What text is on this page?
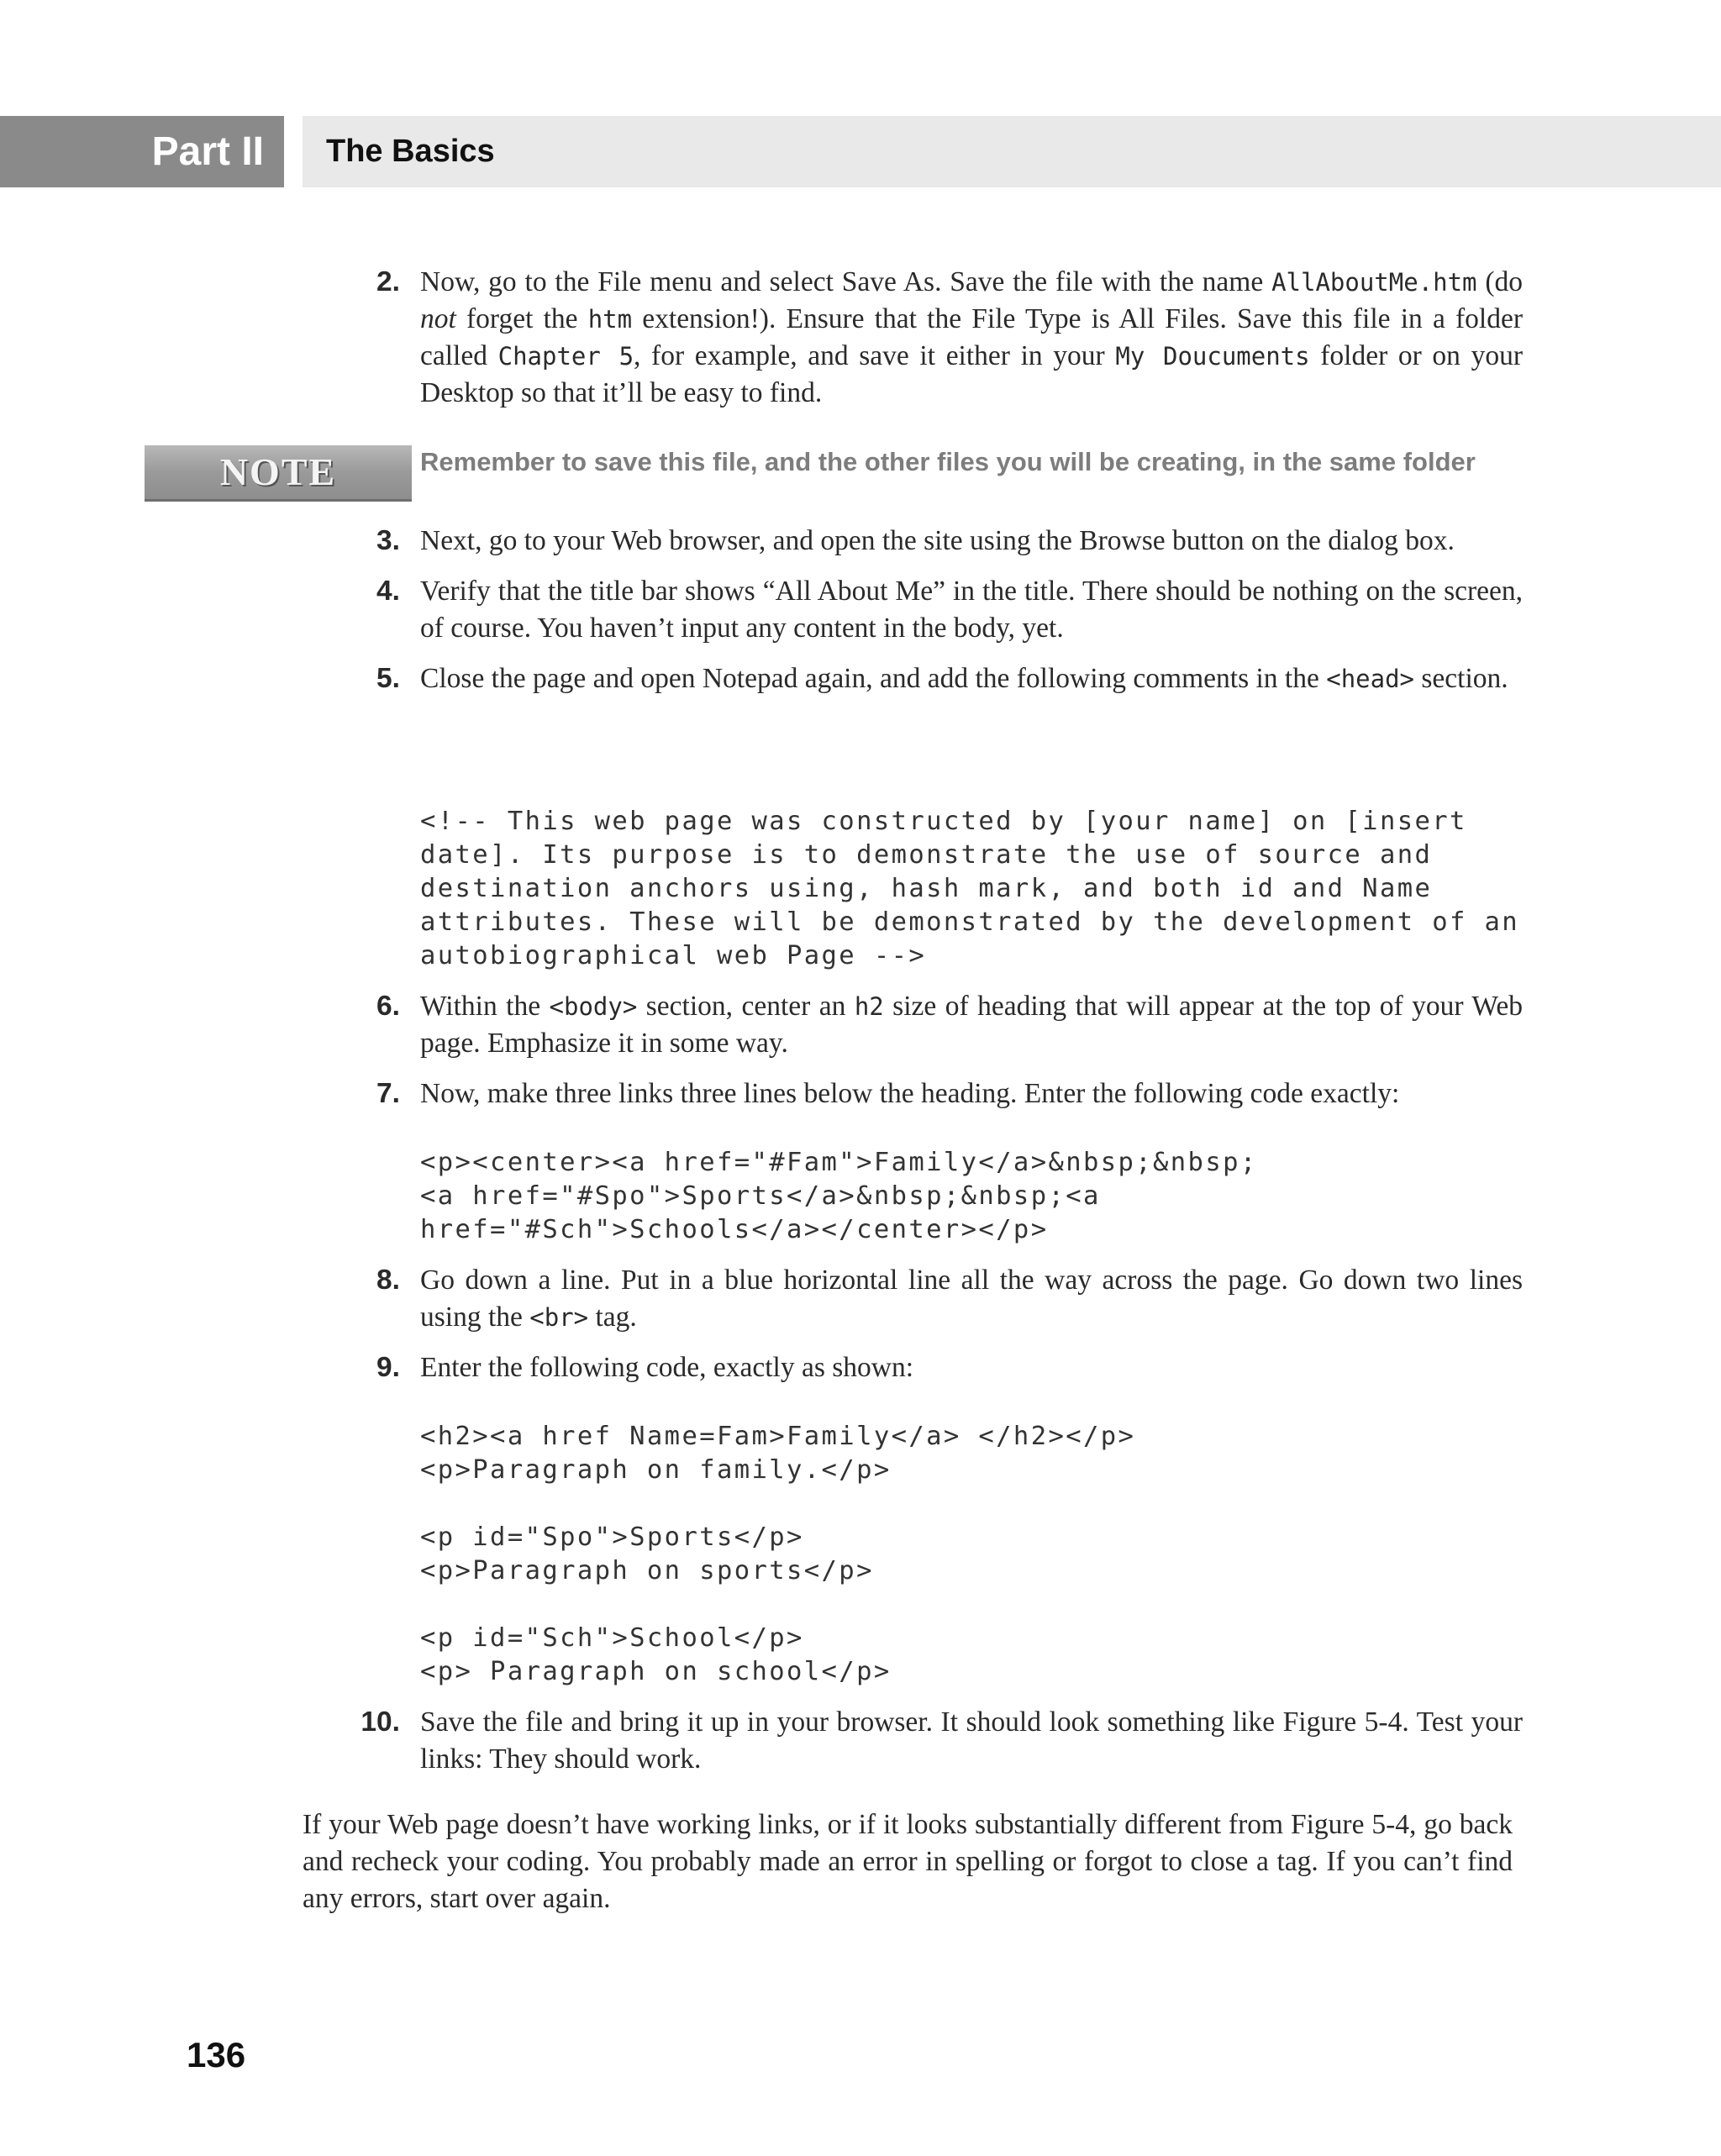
Part II	The Basics
2. Now, go to the File menu and select Save As. Save the file with the name AllAboutMe.htm (do not forget the htm extension!). Ensure that the File Type is All Files. Save this file in a folder called Chapter 5, for example, and save it either in your My Doucuments folder or on your Desktop so that it’ll be easy to find.
NOTE	Remember to save this file, and the other files you will be creating, in the same folder
3. Next, go to your Web browser, and open the site using the Browse button on the dialog box.
4. Verify that the title bar shows “All About Me” in the title. There should be nothing on the screen, of course. You haven’t input any content in the body, yet.
5. Close the page and open Notepad again, and add the following comments in the <head> section.
<!-- This web page was constructed by [your name] on [insert
date]. Its purpose is to demonstrate the use of source and
destination anchors using, hash mark, and both id and Name
attributes. These will be demonstrated by the development of an
autobiographical web Page -->
6. Within the <body> section, center an h2 size of heading that will appear at the top of your Web page. Emphasize it in some way.
7. Now, make three links three lines below the heading. Enter the following code exactly:
<p><center><a href="#Fam">Family</a>&nbsp;&nbsp;
<a href="#Spo">Sports</a>&nbsp;&nbsp;<a
href="#Sch">Schools</a></center></p>
8. Go down a line. Put in a blue horizontal line all the way across the page. Go down two lines using the <br> tag.
9. Enter the following code, exactly as shown:
<h2><a href Name=Fam>Family</a> </h2></p>
<p>Paragraph on family.</p>

<p id="Spo">Sports</p>
<p>Paragraph on sports</p>

<p id="Sch">School</p>
<p> Paragraph on school</p>
10. Save the file and bring it up in your browser. It should look something like Figure 5-4. Test your links: They should work.
If your Web page doesn’t have working links, or if it looks substantially different from Figure 5-4, go back and recheck your coding. You probably made an error in spelling or forgot to close a tag. If you can’t find any errors, start over again.
136
